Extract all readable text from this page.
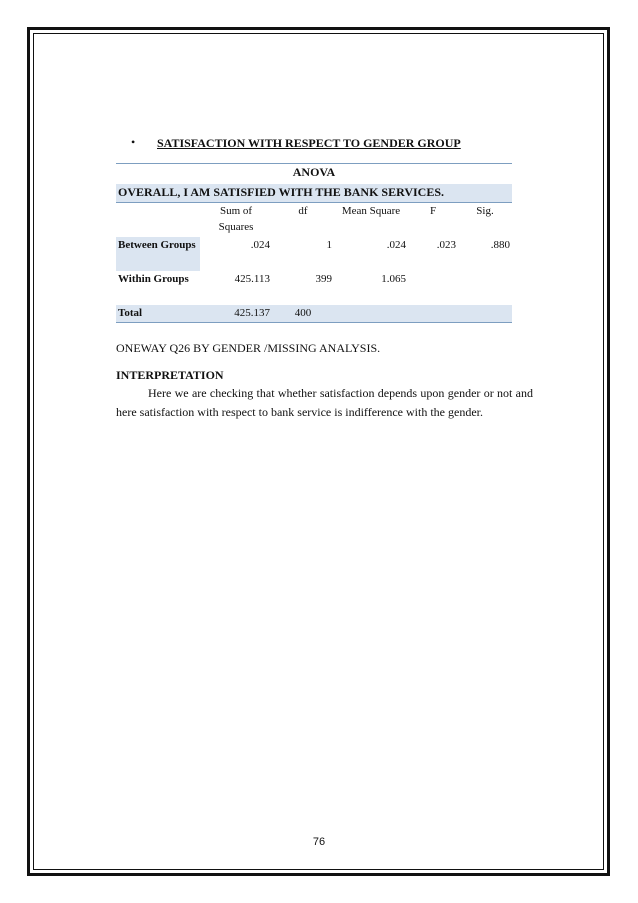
• SATISFACTION WITH RESPECT TO GENDER GROUP
ANOVA					
OVERALL, I AM SATISFIED WITH THE BANK SERVICES.					
	Sum of Squares	df	Mean Square	F	Sig.
Between Groups	.024	1	.024	.023	.880
Within Groups	425.113	399	1.065		
Total	425.137	400			
ONEWAY Q26 BY GENDER /MISSING ANALYSIS.
INTERPRETATION
Here we are checking that whether satisfaction depends upon gender or not and here satisfaction with respect to bank service is indifference with the gender.
76
